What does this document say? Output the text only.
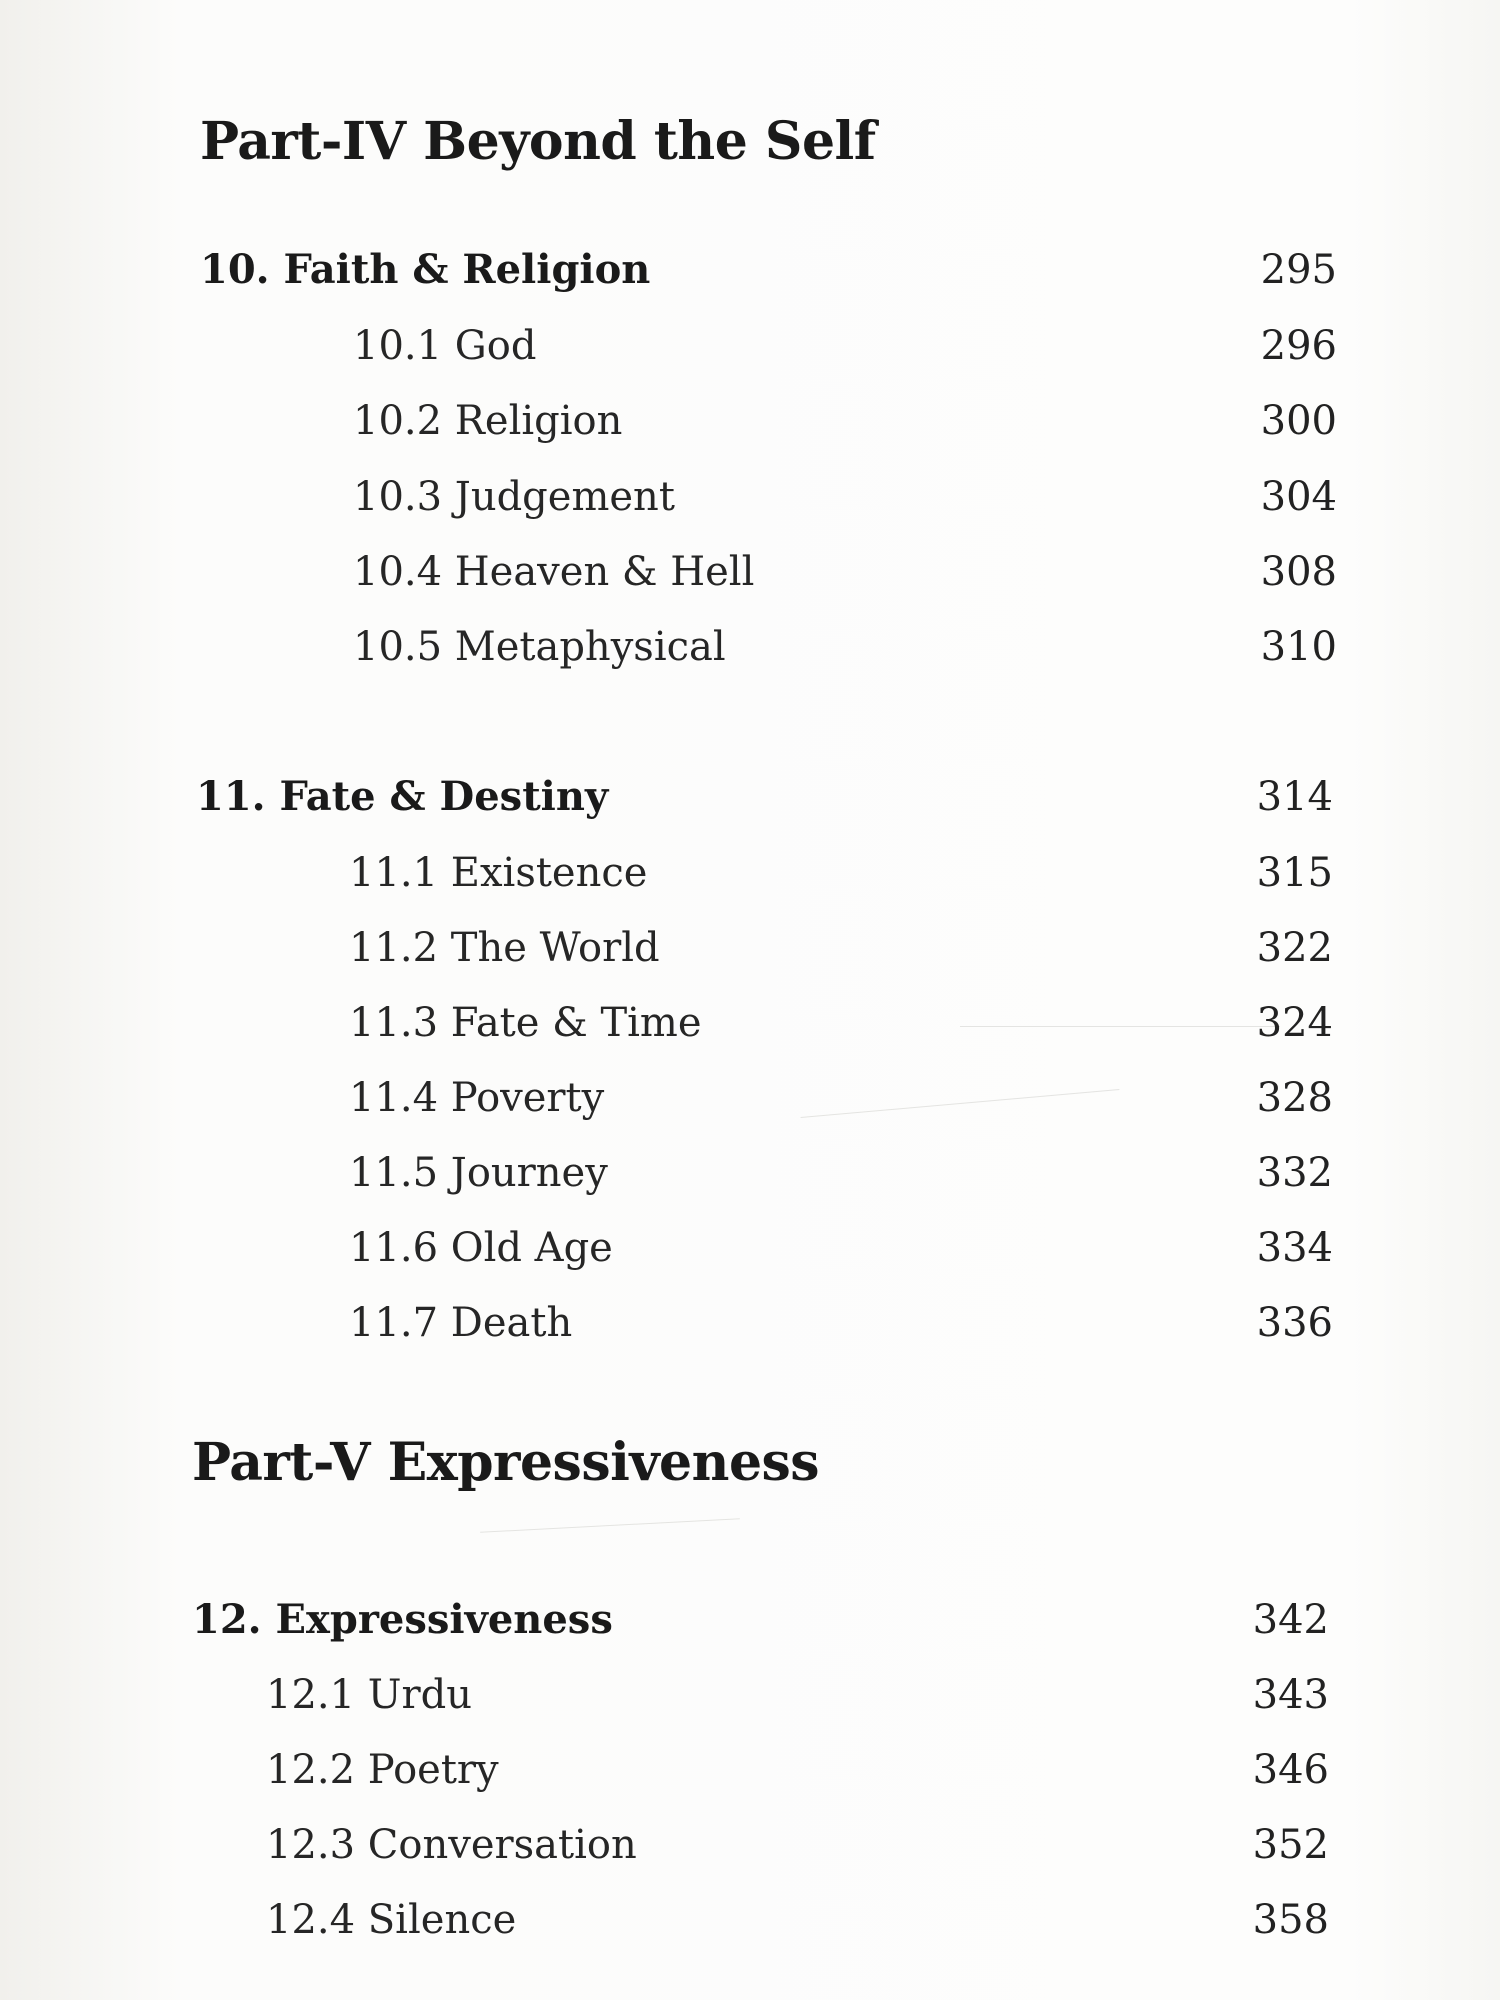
Part-IV Beyond the Self
10. Faith & Religion	295
10.1 God	296
10.2 Religion	300
10.3 Judgement	304
10.4 Heaven & Hell	308
10.5 Metaphysical	310
11. Fate & Destiny	314
11.1 Existence	315
11.2 The World	322
11.3 Fate & Time	324
11.4 Poverty	328
11.5 Journey	332
11.6 Old Age	334
11.7 Death	336
Part-V Expressiveness
12. Expressiveness	342
12.1 Urdu	343
12.2 Poetry	346
12.3 Conversation	352
12.4 Silence	358
